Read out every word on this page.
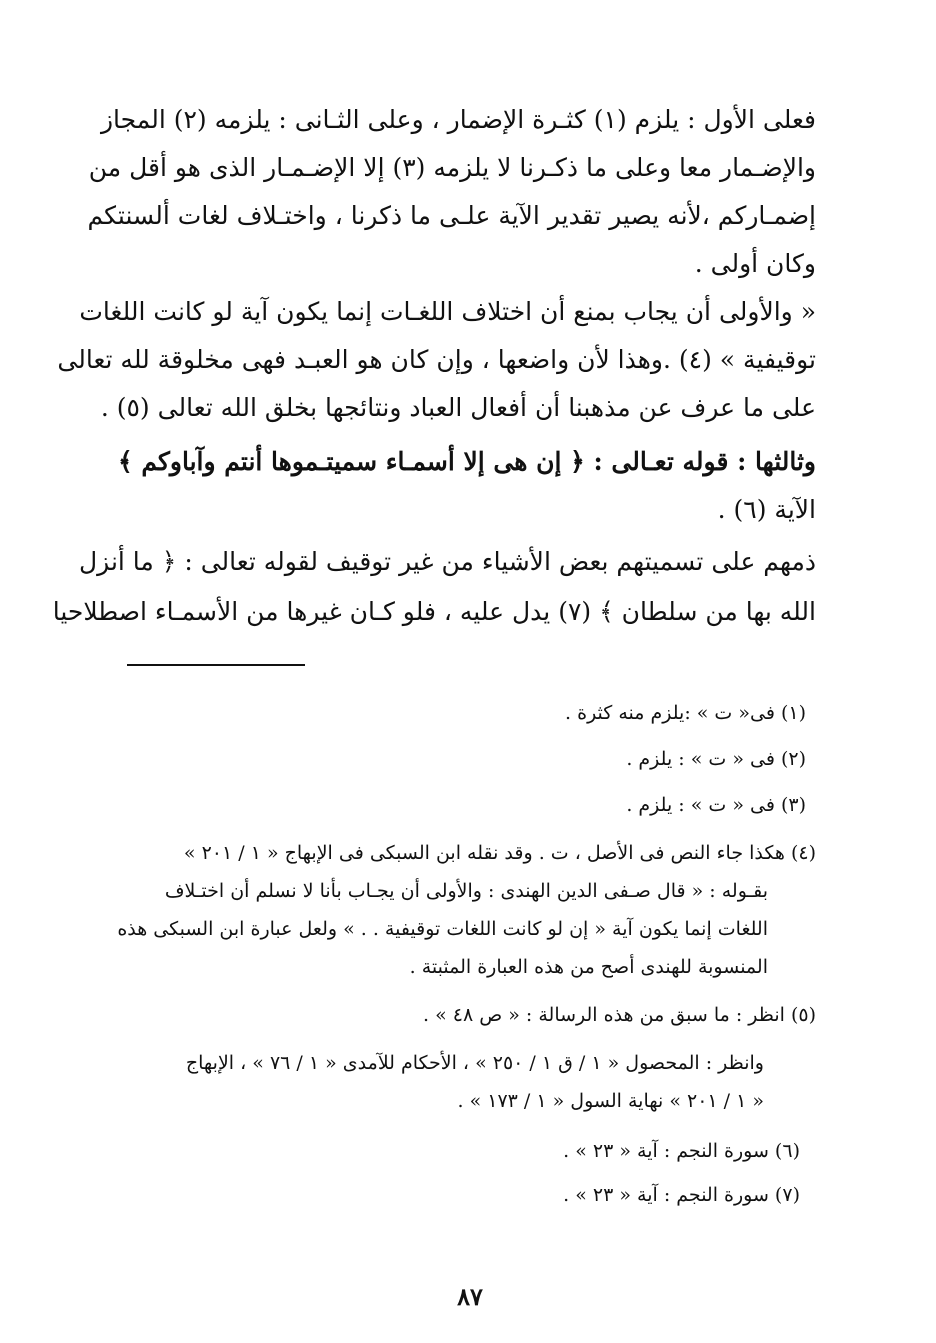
فعلى الأول : يلزم (١) كثـرة الإضمار ، وعلى الثـانى : يلزمه (٢) المجاز
والإضـمار معا وعلى ما ذكـرنا لا يلزمه (٣) إلا الإضـمـار الذى هو أقل من
إضمـاركم ،لأنه يصير تقدير الآية علـى ما ذكرنا ، واختـلاف لغات ألسنتكم
وكان أولى .
« والأولى أن يجاب بمنع أن اختلاف اللغـات إنما يكون آية لو كانت اللغات
توقيفية » (٤) .وهذا لأن واضعها ، وإن كان هو العبـد فهى مخلوقة لله تعالى
على ما عرف عن مذهبنا أن أفعال العباد ونتائجها بخلق الله تعالى (٥) .
وثالثها : قوله تعـالى : ﴿ إن هى إلا أسمـاء سميتـموها أنتم وآباوكم ﴾
الآية (٦) .
ذمهم على تسميتهم بعض الأشياء من غير توقيف لقوله تعالى : ﴿ ما أنزل
الله بها من سلطان ﴾ (٧) يدل عليه ، فلو كـان غيرها من الأسمـاء اصطلاحيا
(١) فى« ت » :يلزم منه كثرة .
(٢) فى « ت » : يلزم .
(٣) فى « ت » : يلزم .
(٤) هكذا جاء النص فى الأصل ، ت . وقد نقله ابن السبكى فى الإبهاج « ١ / ٢٠١ »
بقـوله : « قال صـفى الدين الهندى : والأولى أن يجـاب بأنا لا نسلم أن اختـلاف
اللغات إنما يكون آية « إن لو كانت اللغات توقيفية . . » ولعل عبارة ابن السبكى هذه
المنسوبة للهندى أصح من هذه العبارة المثبتة .
(٥) انظر : ما سبق من هذه الرسالة : « ص ٤٨ » .
وانظر : المحصول « ١ / ق ١ / ٢٥٠ » ، الأحكام للآمدى « ١ / ٧٦ » ، الإبهاج
« ١ / ٢٠١ » نهاية السول « ١ / ١٧٣ » .
(٦) سورة النجم : آية « ٢٣ » .
(٧) سورة النجم : آية « ٢٣ » .
٨٧
